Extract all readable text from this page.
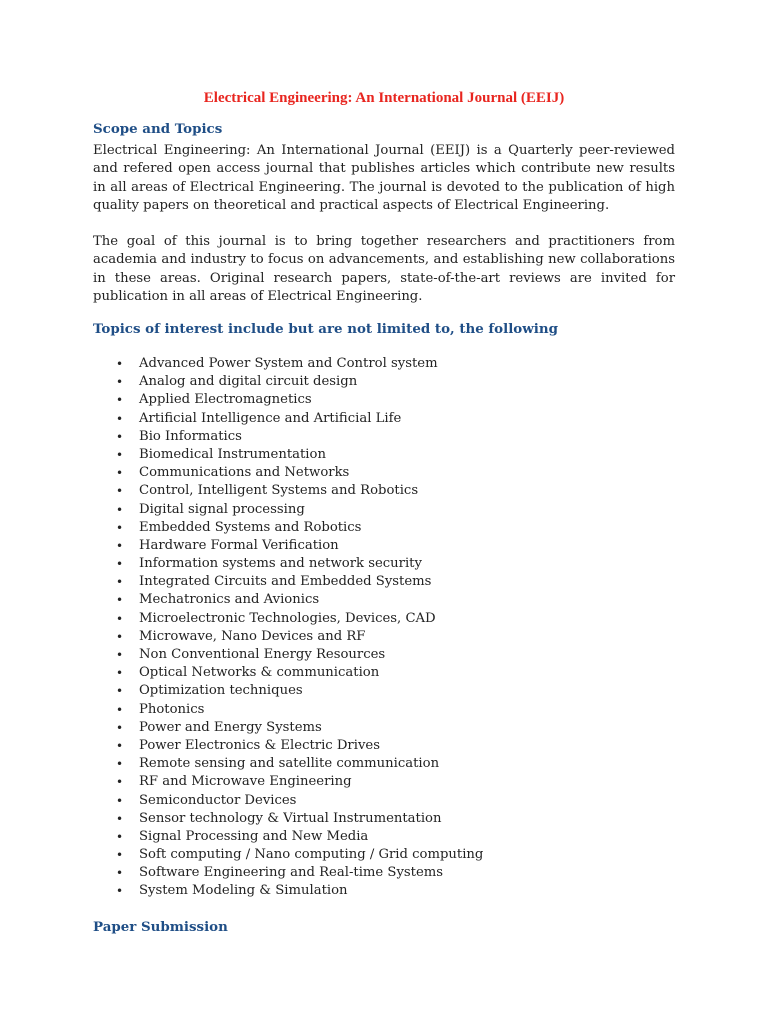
Electrical Engineering: An International Journal (EEIJ)
Scope and Topics

Electrical Engineering: An International Journal (EEIJ) is a Quarterly peer-reviewed and refered open access journal that publishes articles which contribute new results in all areas of Electrical Engineering. The journal is devoted to the publication of high quality papers on theoretical and practical aspects of Electrical Engineering.

The goal of this journal is to bring together researchers and practitioners from academia and industry to focus on advancements, and establishing new collaborations in these areas. Original research papers, state-of-the-art reviews are invited for publication in all areas of Electrical Engineering.

Topics of interest include but are not limited to, the following
• Advanced Power System and Control system
• Analog and digital circuit design
• Applied Electromagnetics
• Artificial Intelligence and Artificial Life
• Bio Informatics
• Biomedical Instrumentation
• Communications and Networks
• Control, Intelligent Systems and Robotics
• Digital signal processing
• Embedded Systems and Robotics
• Hardware Formal Verification
• Information systems and network security
• Integrated Circuits and Embedded Systems
• Mechatronics and Avionics
• Microelectronic Technologies, Devices, CAD
• Microwave, Nano Devices and RF
• Non Conventional Energy Resources
• Optical Networks & communication
• Optimization techniques
• Photonics
• Power and Energy Systems
• Power Electronics & Electric Drives
• Remote sensing and satellite communication
• RF and Microwave Engineering
• Semiconductor Devices
• Sensor technology & Virtual Instrumentation
• Signal Processing and New Media
• Soft computing / Nano computing / Grid computing
• Software Engineering and Real-time Systems
• System Modeling & Simulation
Paper Submission
